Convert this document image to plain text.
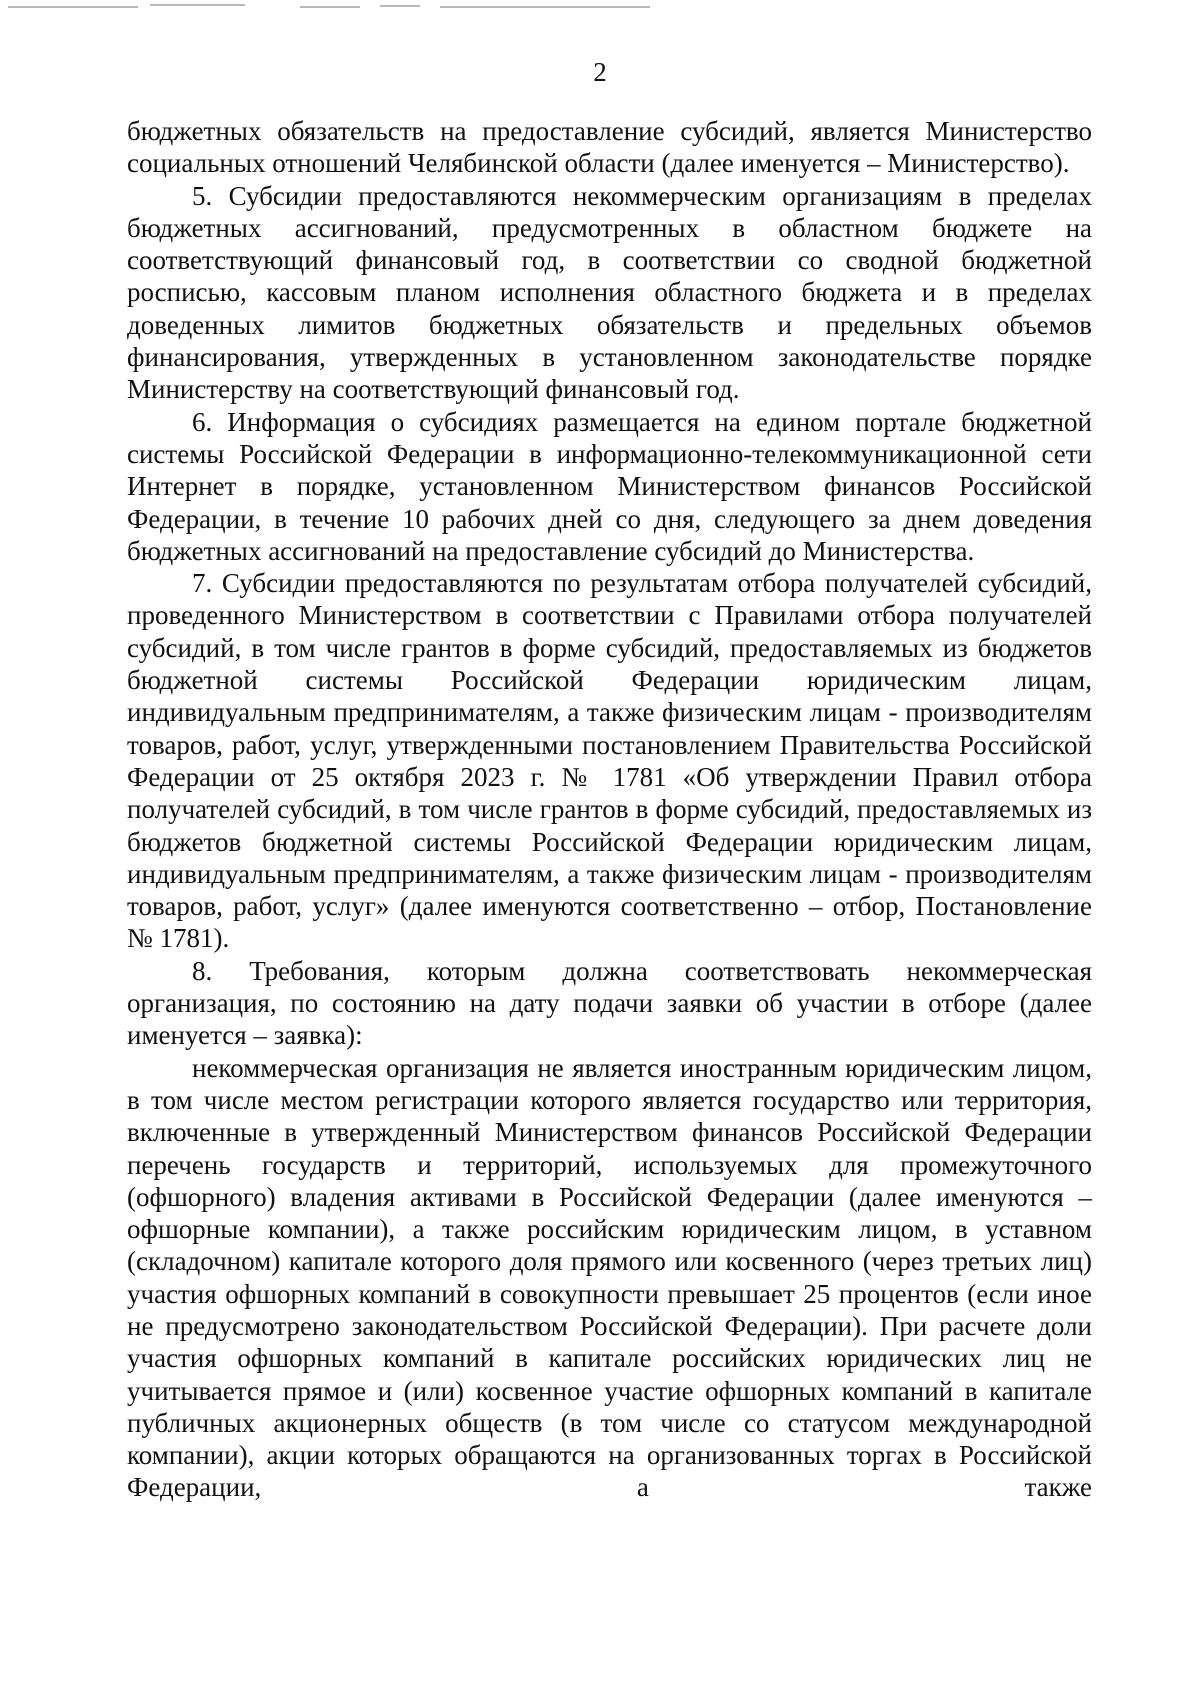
2

бюджетных обязательств на предоставление субсидий, является Министерство социальных отношений Челябинской области (далее именуется – Министерство).

5. Субсидии предоставляются некоммерческим организациям в пределах бюджетных ассигнований, предусмотренных в областном бюджете на соответствующий финансовый год, в соответствии со сводной бюджетной росписью, кассовым планом исполнения областного бюджета и в пределах доведенных лимитов бюджетных обязательств и предельных объемов финансирования, утвержденных в установленном законодательстве порядке Министерству на соответствующий финансовый год.

6. Информация о субсидиях размещается на едином портале бюджетной системы Российской Федерации в информационно-телекоммуникационной сети Интернет в порядке, установленном Министерством финансов Российской Федерации, в течение 10 рабочих дней со дня, следующего за днем доведения бюджетных ассигнований на предоставление субсидий до Министерства.

7. Субсидии предоставляются по результатам отбора получателей субсидий, проведенного Министерством в соответствии с Правилами отбора получателей субсидий, в том числе грантов в форме субсидий, предоставляемых из бюджетов бюджетной системы Российской Федерации юридическим лицам, индивидуальным предпринимателям, а также физическим лицам - производителям товаров, работ, услуг, утвержденными постановлением Правительства Российской Федерации от 25 октября 2023 г. № 1781 «Об утверждении Правил отбора получателей субсидий, в том числе грантов в форме субсидий, предоставляемых из бюджетов бюджетной системы Российской Федерации юридическим лицам, индивидуальным предпринимателям, а также физическим лицам - производителям товаров, работ, услуг» (далее именуются соответственно – отбор, Постановление № 1781).

8. Требования, которым должна соответствовать некоммерческая организация, по состоянию на дату подачи заявки об участии в отборе (далее именуется – заявка):

некоммерческая организация не является иностранным юридическим лицом, в том числе местом регистрации которого является государство или территория, включенные в утвержденный Министерством финансов Российской Федерации перечень государств и территорий, используемых для промежуточного (офшорного) владения активами в Российской Федерации (далее именуются – офшорные компании), а также российским юридическим лицом, в уставном (складочном) капитале которого доля прямого или косвенного (через третьих лиц) участия офшорных компаний в совокупности превышает 25 процентов (если иное не предусмотрено законодательством Российской Федерации). При расчете доли участия офшорных компаний в капитале российских юридических лиц не учитывается прямое и (или) косвенное участие офшорных компаний в капитале публичных акционерных обществ (в том числе со статусом международной компании), акции которых обращаются на организованных торгах в Российской Федерации, а также
